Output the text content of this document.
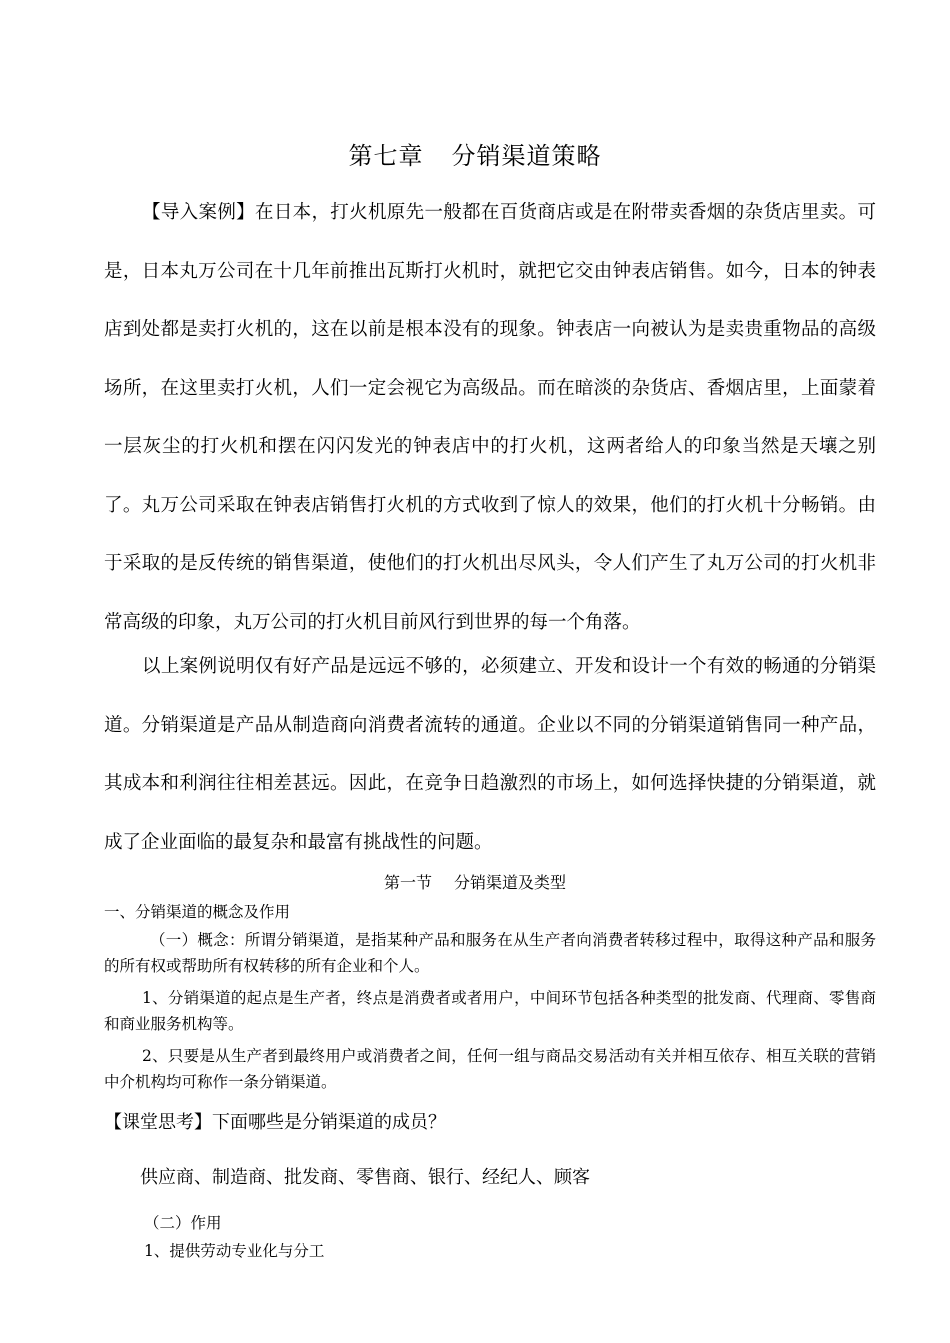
第七章 分销渠道策略

【导入案例】在日本，打火机原先一般都在百货商店或是在附带卖香烟的杂货店里卖。可是，日本丸万公司在十几年前推出瓦斯打火机时，就把它交由钟表店销售。如今，日本的钟表店到处都是卖打火机的，这在以前是根本没有的现象。钟表店一向被认为是卖贵重物品的高级场所，在这里卖打火机，人们一定会视它为高级品。而在暗淡的杂货店、香烟店里，上面蒙着一层灰尘的打火机和摆在闪闪发光的钟表店中的打火机，这两者给人的印象当然是天壤之别了。丸万公司采取在钟表店销售打火机的方式收到了惊人的效果，他们的打火机十分畅销。由于采取的是反传统的销售渠道，使他们的打火机出尽风头，令人们产生了丸万公司的打火机非常高级的印象，丸万公司的打火机目前风行到世界的每一个角落。

以上案例说明仅有好产品是远远不够的，必须建立、开发和设计一个有效的畅通的分销渠道。分销渠道是产品从制造商向消费者流转的通道。企业以不同的分销渠道销售同一种产品，其成本和利润往往相差甚远。因此，在竞争日趋激烈的市场上，如何选择快捷的分销渠道，就成了企业面临的最复杂和最富有挑战性的问题。

第一节 分销渠道及类型

一、分销渠道的概念及作用

（一）概念：所谓分销渠道，是指某种产品和服务在从生产者向消费者转移过程中，取得这种产品和服务的所有权或帮助所有权转移的所有企业和个人。

1、分销渠道的起点是生产者，终点是消费者或者用户，中间环节包括各种类型的批发商、代理商、零售商和商业服务机构等。

2、只要是从生产者到最终用户或消费者之间，任何一组与商品交易活动有关并相互依存、相互关联的营销中介机构均可称作一条分销渠道。

【课堂思考】下面哪些是分销渠道的成员？

供应商、制造商、批发商、零售商、银行、经纪人、顾客

（二）作用

1、提供劳动专业化与分工
